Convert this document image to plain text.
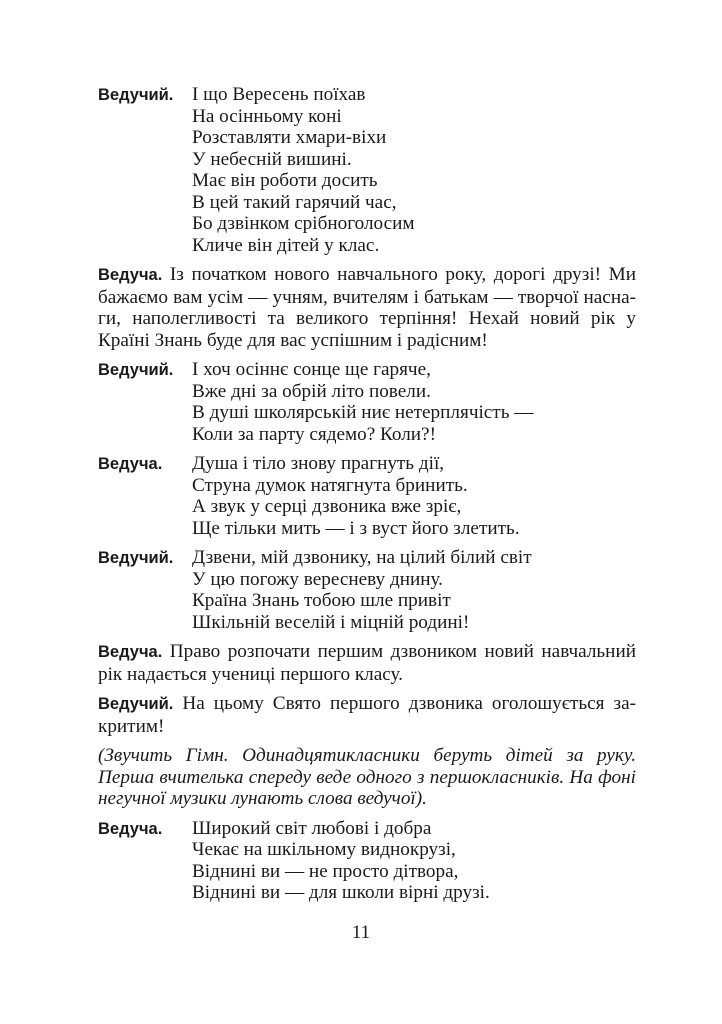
Ведучий. І що Вересень поїхав
На осінньому коні
Розставляти хмари-віхи
У небесній вишині.
Має він роботи досить
В цей такий гарячий час,
Бо дзвінком срібноголосим
Кличе він дітей у клас.
Ведуча. Із початком нового навчального року, дорогі друзі! Ми бажаємо вам усім — учням, вчителям і батькам — творчої наснаги, наполегливості та великого терпіння! Нехай новий рік у Країні Знань буде для вас успішним і радісним!
Ведучий. І хоч осіннє сонце ще гаряче,
Вже дні за обрій літо повели.
В душі школярській ниє нетерплячість —
Коли за парту сядемо? Коли?!
Ведуча.	Душа і тіло знову прагнуть дії,
Струна думок натягнута бринить.
А звук у серці дзвоника вже зріє,
Ще тільки мить — і з вуст його злетить.
Ведучий. Дзвени, мій дзвонику, на цілий білий світ
У цю погожу вересневу днину.
Країна Знань тобою шле привіт
Шкільній веселій і міцній родині!
Ведуча. Право розпочати першим дзвоником новий навчальний рік надається учениці першого класу.
Ведучий. На цьому Свято першого дзвоника оголошується закритим!
(Звучить Гімн. Одинадцятикласники беруть дітей за руку. Перша вчителька спереду веде одного з першокласників. На фоні негучної музики лунають слова ведучої).
Ведуча.	Широкий світ любові і добра
Чекає на шкільному виднокрузі,
Віднині ви — не просто дітвора,
Віднині ви — для школи вірні друзі.
11
